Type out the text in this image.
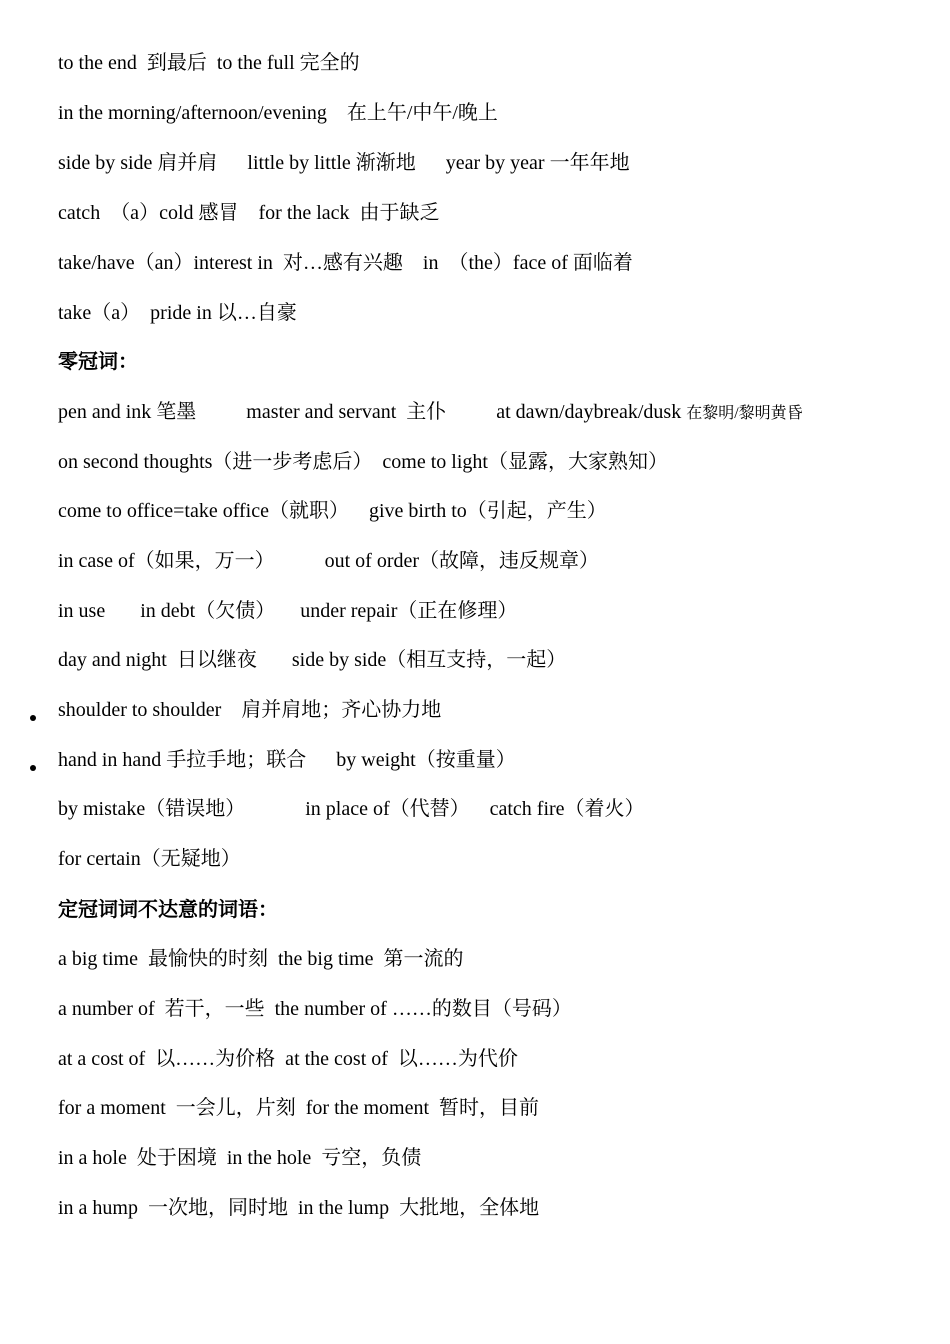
to the end  到最后  to the full 完全的
in the morning/afternoon/evening    在上午/中午/晚上
side by side 肩并肩      little by little 渐渐地      year by year 一年年地
catch  （a）cold 感冒    for the lack  由于缺乏
take/have（an）interest in  对…感有兴趣    in  （the）face of 面临着
take（a）  pride in 以…自豪
零冠词：
pen and ink 笔墨          master and servant  主仆          at dawn/daybreak/dusk 在黎明/黎明黄昏
on second thoughts（进一步考虑后）  come to light（显露，大家熟知）
come to office=take office（就职）    give birth to（引起，产生）
in case of（如果，万一）          out of order（故障，违反规章）
in use       in debt（欠债）     under repair（正在修理）
day and night  日以继夜       side by side（相互支持，一起）
shoulder to shoulder    肩并肩地；齐心协力地
hand in hand 手拉手地；联合      by weight（按重量）
by mistake（错误地）            in place of（代替）    catch fire（着火）
for certain（无疑地）
定冠词词不达意的词语：
a big time  最愉快的时刻  the big time  第一流的
a number of  若干，一些  the number of ……的数目（号码）
at a cost of  以……为价格  at the cost of  以……为代价
for a moment  一会儿，片刻  for the moment  暂时，目前
in a hole  处于困境  in the hole  亏空，负债
in a hump  一次地，同时地  in the lump  大批地，全体地
